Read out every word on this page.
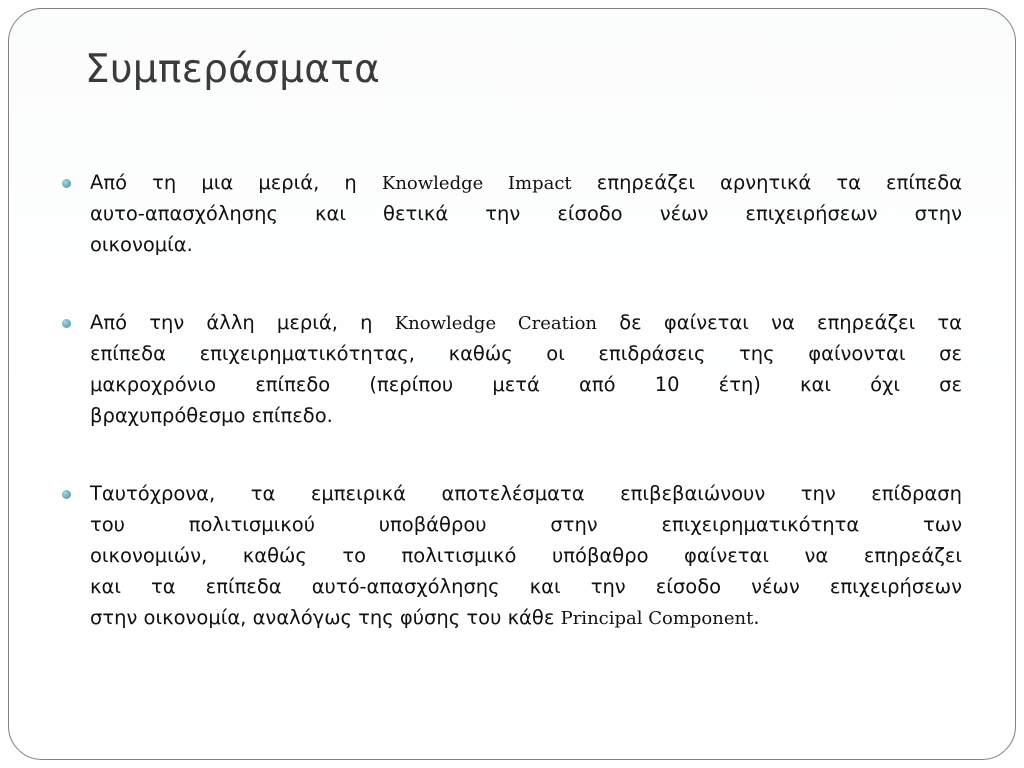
Συμπεράσματα
Από τη μια μεριά, η Knowledge Impact επηρεάζει αρνητικά τα επίπεδα
αυτο-απασχόλησης και θετικά την είσοδο νέων επιχειρήσεων στην
οικονομία.
Από την άλλη μεριά, η Knowledge Creation δε φαίνεται να επηρεάζει τα
επίπεδα επιχειρηματικότητας, καθώς οι επιδράσεις της φαίνονται σε
μακροχρόνιο επίπεδο (περίπου μετά από 10 έτη) και όχι σε
βραχυπρόθεσμο επίπεδο.
Ταυτόχρονα, τα εμπειρικά αποτελέσματα επιβεβαιώνουν την επίδραση
του πολιτισμικού υποβάθρου στην επιχειρηματικότητα των
οικονομιών, καθώς το πολιτισμικό υπόβαθρο φαίνεται να επηρεάζει
και τα επίπεδα αυτό-απασχόλησης και την είσοδο νέων επιχειρήσεων
στην οικονομία, αναλόγως της φύσης του κάθε Principal Component.
